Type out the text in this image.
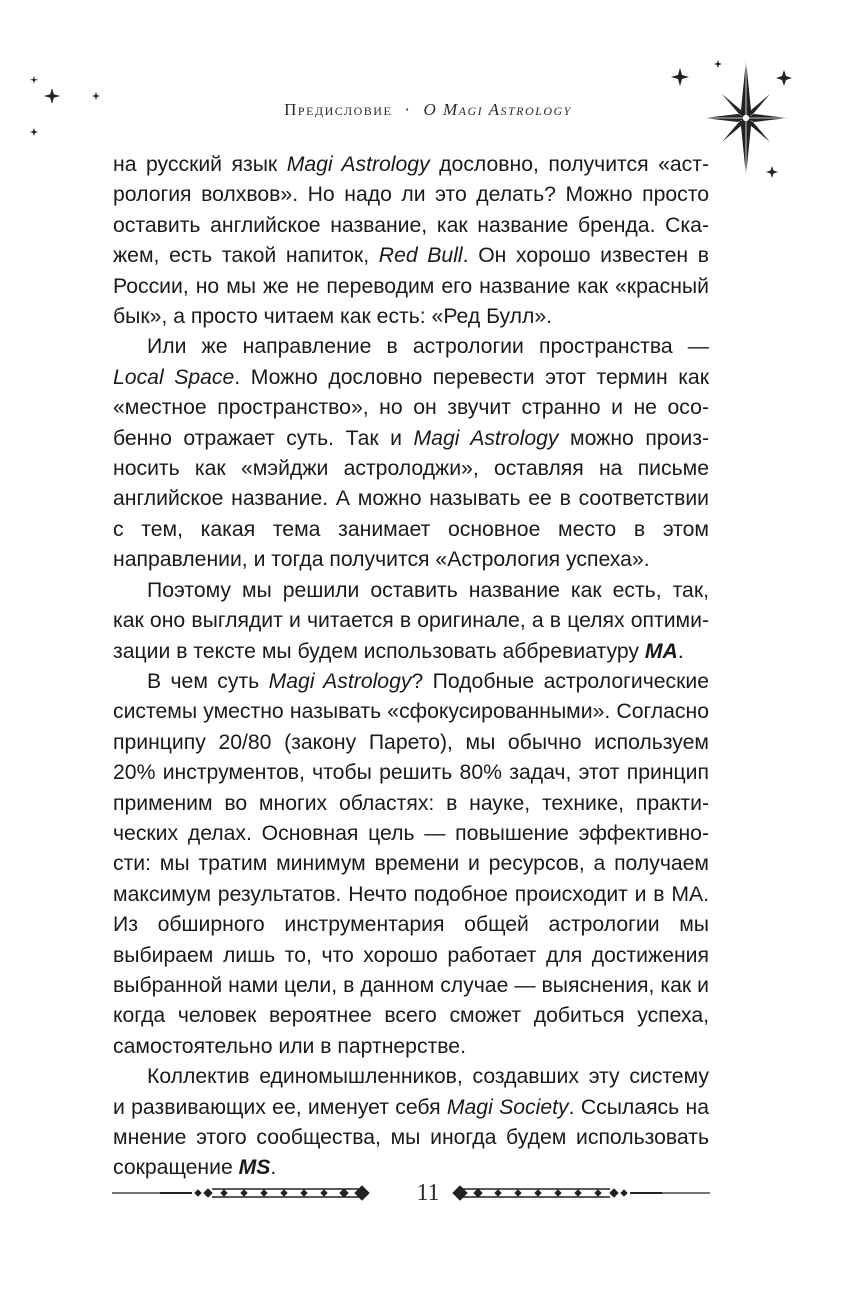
Предисловие · О Magi Astrology

на русский язык Magi Astrology дословно, получится «астрология волхвов». Но надо ли это делать? Можно просто оставить английское название, как название бренда. Скажем, есть такой напиток, Red Bull. Он хорошо известен в России, но мы же не переводим его название как «красный бык», а просто читаем как есть: «Ред Булл».

Или же направление в астрологии пространства — Local Space. Можно дословно перевести этот термин как «местное пространство», но он звучит странно и не особенно отражает суть. Так и Magi Astrology можно произносить как «мэйджи астролоджи», оставляя на письме английское название. А можно называть ее в соответствии с тем, какая тема занимает основное место в этом направлении, и тогда получится «Астрология успеха».

Поэтому мы решили оставить название как есть, так, как оно выглядит и читается в оригинале, а в целях оптимизации в тексте мы будем использовать аббревиатуру МА.

В чем суть Magi Astrology? Подобные астрологические системы уместно называть «сфокусированными». Согласно принципу 20/80 (закону Парето), мы обычно используем 20% инструментов, чтобы решить 80% задач, этот принцип применим во многих областях: в науке, технике, практических делах. Основная цель — повышение эффективности: мы тратим минимум времени и ресурсов, а получаем максимум результатов. Нечто подобное происходит и в МА. Из обширного инструментария общей астрологии мы выбираем лишь то, что хорошо работает для достижения выбранной нами цели, в данном случае — выяснения, как и когда человек вероятнее всего сможет добиться успеха, самостоятельно или в партнерстве.

Коллектив единомышленников, создавших эту систему и развивающих ее, именует себя Magi Society. Ссылаясь на мнение этого сообщества, мы иногда будем использовать сокращение MS.

11
